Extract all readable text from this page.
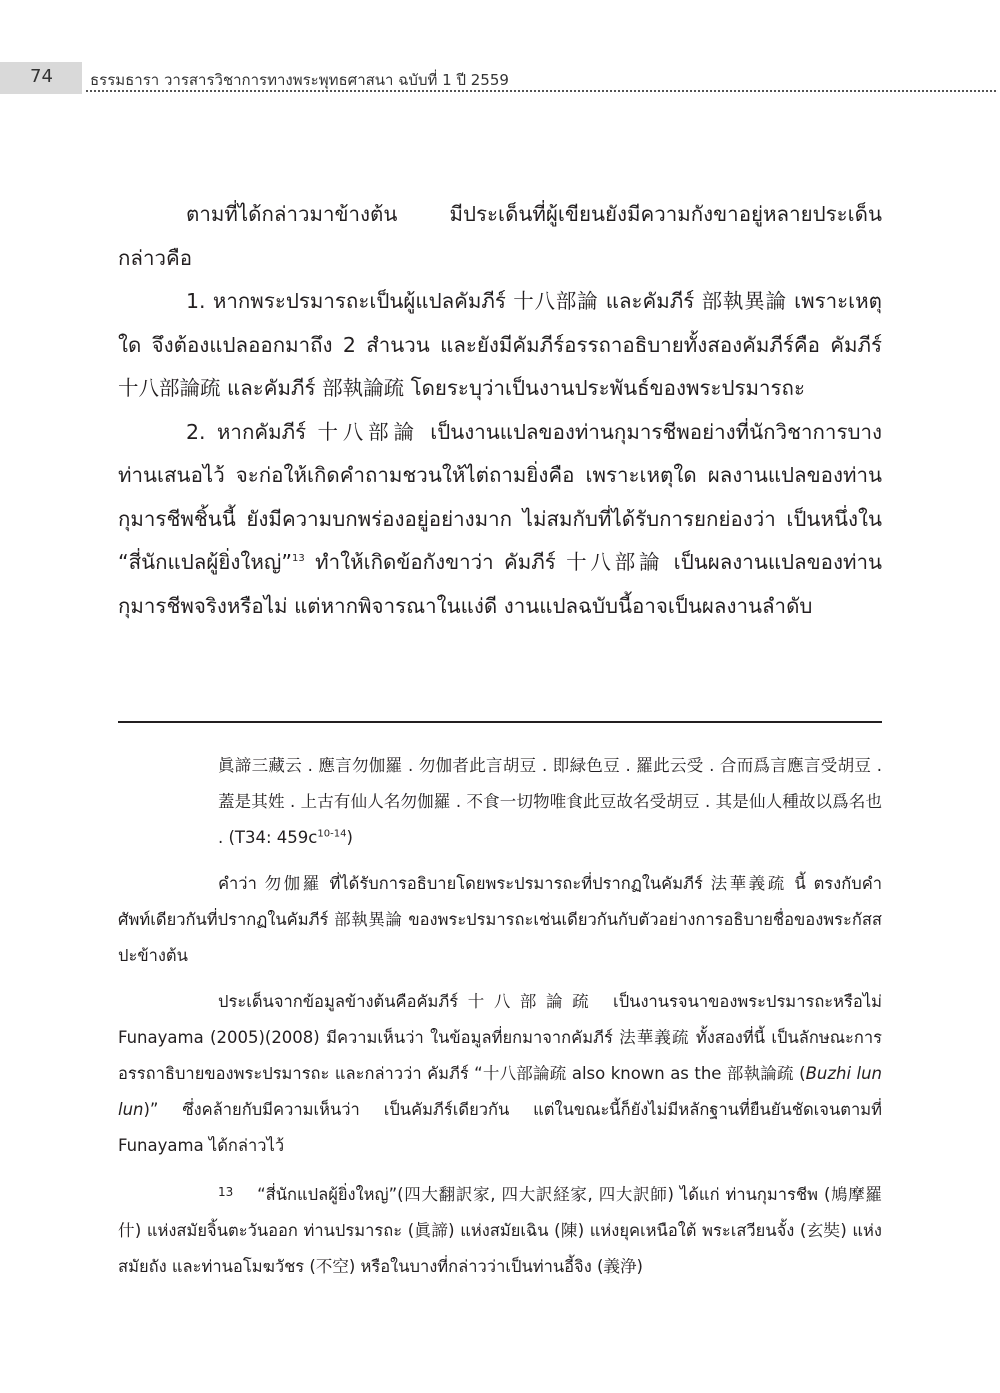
74 ธรรมธารา วารสารวิชาการทางพระพุทธศาสนา ฉบับที่ 1 ปี 2559

ตามที่ได้กล่าวมาข้างต้น มีประเด็นที่ผู้เขียนยังมีความกังขาอยู่หลายประเด็น กล่าวคือ

1. หากพระปรมารถะเป็นผู้แปลคัมภีร์ 十八部論 และคัมภีร์ 部執異論 เพราะเหตุใด จึงต้องแปลออกมาถึง 2 สำนวน และยังมีคัมภีร์อรรถาอธิบายทั้งสองคัมภีร์คือ คัมภีร์十八部論疏 และคัมภีร์ 部執論疏 โดยระบุว่าเป็นงานประพันธ์ของพระปรมารถะ

2. หากคัมภีร์ 十八部論 เป็นงานแปลของท่านกุมารชีพอย่างที่นักวิชาการบางท่านเสนอไว้ จะก่อให้เกิดคำถามชวนให้ไต่ถามยิ่งคือ เพราะเหตุใด ผลงานแปลของท่านกุมารชีพชิ้นนี้ ยังมีความบกพร่องอยู่อย่างมาก ไม่สมกับที่ได้รับการยกย่องว่า เป็นหนึ่งใน “สี่นักแปลผู้ยิ่งใหญ่”$^{13}$ ทำให้เกิดข้อกังขาว่า คัมภีร์ 十八部論 เป็นผลงานแปลของท่านกุมารชีพจริงหรือไม่ แต่หากพิจารณาในแง่ดี งานแปลฉบับนี้อาจเป็นผลงานลำดับ

眞諦三藏云 . 應言勿伽羅 . 勿伽者此言胡豆 . 即緑色豆 . 羅此云受 . 合而爲言應言受胡豆 . 蓋是其姓 . 上古有仙人名勿伽羅 . 不食一切物唯食此豆故名受胡豆 . 其是仙人種故以爲名也 . (T34: $459c^{10-14}$)

คำว่า 勿伽羅 ที่ได้รับการอธิบายโดยพระปรมารถะที่ปรากฏในคัมภีร์ 法華義疏 นี้ ตรงกับคำศัพท์เดียวกันที่ปรากฏในคัมภีร์ 部執異論 ของพระปรมารถะเช่นเดียวกันกับตัวอย่างการอธิบายชื่อของพระกัสสปะข้างต้น

ประเด็นจากข้อมูลข้างต้นคือคัมภีร์十八部論疏 เป็นงานรจนาของพระปรมารถะหรือไม่ Funayama (2005)(2008) มีความเห็นว่า ในข้อมูลที่ยกมาจากคัมภีร์ 法華義疏 ทั้งสองที่นี้ เป็นลักษณะการอรรถาธิบายของพระปรมารถะ และกล่าวว่า คัมภีร์ “十八部論疏 also known as the 部執論疏 (Buzhi lun lun)” ซึ่งคล้ายกับมีความเห็นว่า เป็นคัมภีร์เดียวกัน แต่ในขณะนี้ก็ยังไม่มีหลักฐานที่ยืนยันชัดเจนตามที่ Funayama ได้กล่าวไว้

$^{13}$ “สี่นักแปลผู้ยิ่งใหญ่”(四大翻訳家, 四大訳経家, 四大訳師) ได้แก่ ท่านกุมารชีพ (鳩摩羅什) แห่งสมัยจิ้นตะวันออก ท่านปรมารถะ (眞諦) แห่งสมัยเฉิน (陳) แห่งยุคเหนือใต้ พระเสวียนจั้ง (玄奘) แห่งสมัยถัง และท่านอโมฆวัชร (不空) หรือในบางที่กล่าวว่าเป็นท่านอี้จิง (義浄)
